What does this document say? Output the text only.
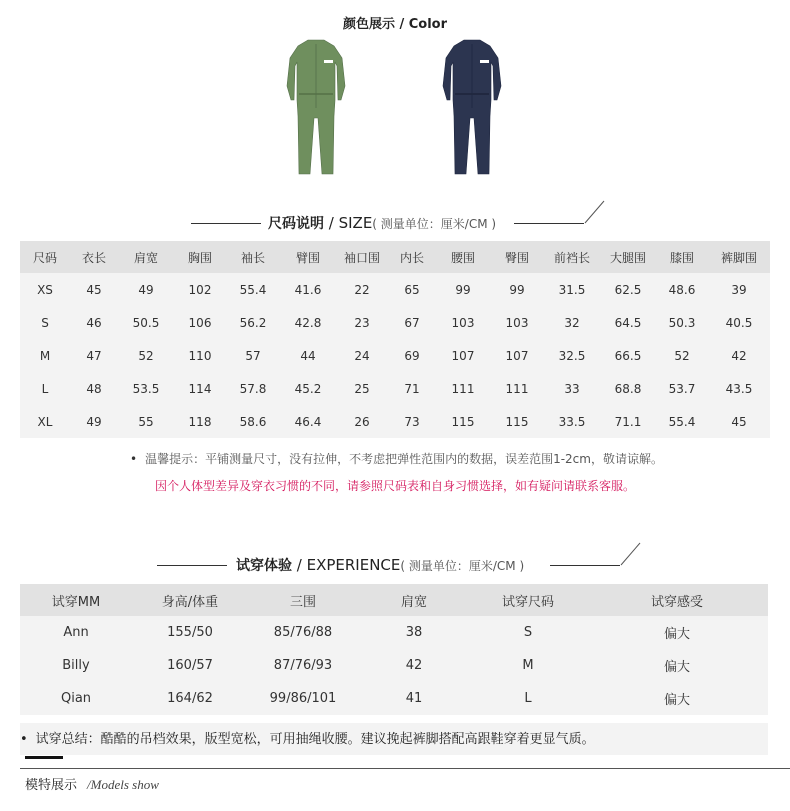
颜色展示 / Color
尺码说明 / SIZE ( 测量单位：厘米/CM )
尺码	衣长	肩宽	胸围	袖长	臂围	袖口围	内长	腰围	臀围	前裆长	大腿围	膝围	裤脚围
XS	45	49	102	55.4	41.6	22	65	99	99	31.5	62.5	48.6	39
S	46	50.5	106	56.2	42.8	23	67	103	103	32	64.5	50.3	40.5
M	47	52	110	57	44	24	69	107	107	32.5	66.5	52	42
L	48	53.5	114	57.8	45.2	25	71	111	111	33	68.8	53.7	43.5
XL	49	55	118	58.6	46.4	26	73	115	115	33.5	71.1	55.4	45
• 温馨提示：平铺测量尺寸，没有拉伸，不考虑把弹性范围内的数据，误差范围1-2cm，敬请谅解。
因个人体型差异及穿衣习惯的不同，请参照尺码表和自身习惯选择，如有疑问请联系客服。
试穿体验 / EXPERIENCE ( 测量单位：厘米/CM )
试穿MM	身高/体重	三围	肩宽	试穿尺码	试穿感受
Ann	155/50	85/76/88	38	S	偏大
Billy	160/57	87/76/93	42	M	偏大
Qian	164/62	99/86/101	41	L	偏大
• 试穿总结：酷酷的吊档效果，版型宽松，可用抽绳收腰。建议挽起裤脚搭配高跟鞋穿着更显气质。
模特展示 /Models show
